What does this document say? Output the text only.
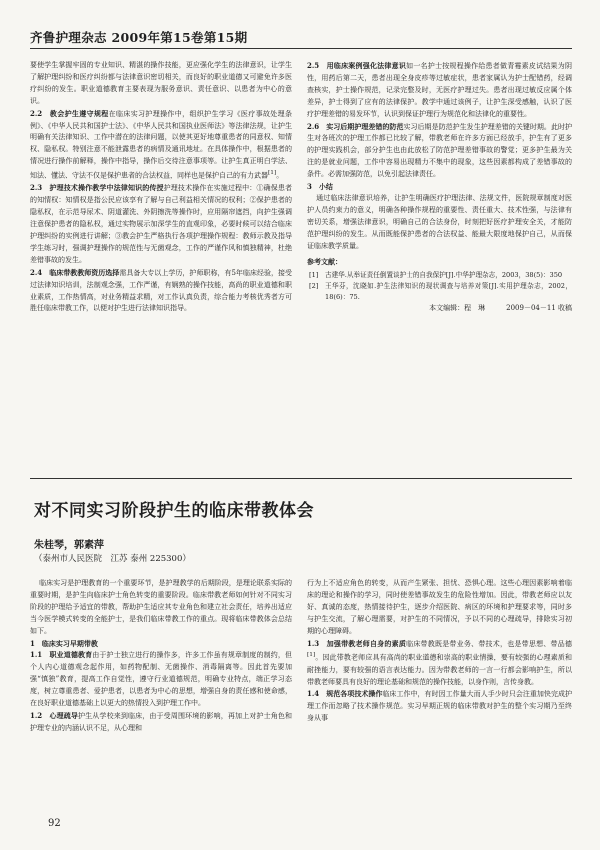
齐鲁护理杂志 2009年第15卷第15期

要使学生掌握牢固的专业知识、精湛的操作技能，更应强化学生的法律意识，让学生了解护理纠纷和医疗纠纷都与法律意识密切相关，而良好的职业道德又可避免许多医疗纠纷的发生。职业道德教育主要表现为服务意识、责任意识、以患者为中心的意识。

2.2　教会护生遵守规程在临床实习护理操作中，组织护生学习《医疗事故处理条例》、《中华人民共和国护士法》、《中华人民共和国执业医师法》等法律法规，让护生明确有关法律知识、工作中潜在的法律问题，以使其更好地尊重患者的同意权、知情权、隐私权。特别注意不能泄露患者的病情及通讯地址。在具体操作中，根据患者的情况进行操作前解释，操作中指导，操作后交待注意事项等。让护生真正明白学法、知法、懂法、守法不仅是保护患者的合法权益，同样也是保护自己的有力武器[1]。

2.3　护理技术操作教学中法律知识的传授护理技术操作在实施过程中：①确保患者的知情权：知情权是指公民应该享有了解与自己利益相关情况的权利；②保护患者的隐私权，在示范导尿术、阴道灌洗、外阴擦洗等操作时，应用隔帘遮挡，向护生强调注意保护患者的隐私权，通过实物展示加深学生的直观印象，必要时候可以结合临床护理纠纷的实例进行讲解；③教会护生严格执行各项护理操作规程：教师示教及指导学生练习时，强调护理操作的规范性与无菌观念，工作的严谨作风和慎独精神，杜绝差错事故的发生。

2.4　临床带教教师资历选择需具备大专以上学历，护师职称，有5年临床经验，接受过法律知识培训，法制观念强，工作严谨，有娴熟的操作技能，高尚的职业道德和职业素质，工作热情高，对业务精益求精，对工作认真负责，综合能力考核优秀者方可胜任临床带教工作，以便对护生进行法律知识指导。

2.5　用临床案例强化法律意识如一名护士按规程操作给患者做青霉素皮试结果为阴性，用药后第二天，患者出现全身皮疹等过敏症状，患者家属认为护士配错药，经调查核实，护士操作规范，记录完整及时，无医疗护理过失。患者出现过敏反应属个体差异，护士得到了应有的法律保护。教学中通过该例子，让护生深受感触，认识了医疗护理差错的易发环节，认识到保证护理行为规范化和法律化的重要性。

2.6　实习后期护理差错的防范实习后期是防范护生发生护理差错的关键时期。此时护生对各班次的护理工作都已比较了解，带教老师在许多方面已经放手，护生有了更多的护理实践机会，部分护生也由此放松了防范护理差错事故的警觉；更多护生最为关注的是就业问题，工作中容易出现精力不集中的现象，这些因素都构成了差错事故的条件。必需加强防范，以免引起法律责任。

3　小结

通过临床法律意识培养，让护生明确医疗护理法律、法规文件，医院规章制度对医护人员约束力的意义，明确各种操作规程的重要性、责任重大、技术性强，与法律有密切关系，增强法律意识，明确自己的合法身份，时刻把好医疗护理安全关，才能防范护理纠纷的发生。从而既能保护患者的合法权益、能最大限度地保护自己，从而保证临床教学质量。

参考文献：

[1] 古建华.从举证责任倒置谈护士的自我保护[J].中华护理杂志，2003，38(5)：350

[2] 王华芬，沈晓如.护生法律知识的现状调查与培养对策[J].实用护理杂志，2002，18(6)：75.

本文编辑：程　琳　　　2009－04－11 收稿

对不同实习阶段护生的临床带教体会
朱桂琴，郭素萍
（泰州市人民医院　江苏 泰州 225300）

临床实习是护理教育的一个重要环节，是护理教学的后期阶段，是理论联系实际的重要时期，是护生向临床护士角色转变的重要阶段。临床带教老师如何针对不同实习阶段的护理给予适宜的带教，帮助护生适应其专业角色和建立社会责任，培养出适应当今医学模式转变的全能护士，是我们临床带教工作的重点。现将临床带教体会总结如下。

1　临床实习早期带教

1.1　职业道德教育由于护士独立进行的操作多，许多工作虽有规章制度的制约，但个人内心道德观念起作用，如药物配制、无菌操作、消毒隔离等。因此首先要加强“慎独”教育，提高工作自觉性，遵守行业道德规范，明确专业特点，端正学习态度，树立尊重患者、爱护患者，以患者为中心的思想，增强自身的责任感和使命感，在良好职业道德基础上以更大的热情投入到护理工作中。

1.2　心理疏导护生从学校来到临床，由于受周围环境的影响，再加上对护士角色和护理专业的内涵认识不足，从心理和

行为上不适应角色的转变，从而产生紧张、担忧、恐惧心理。这些心理因素影响着临床的理论和操作的学习，同时使差错事故发生的危险性增加。因此，带教老师应以友好、真诚的态度，热情接待护生，逐步介绍医院、病区的环境和护理要求等，同时多与护生交流，了解心理需要，对护生的不同情况，予以不同的心理疏导，排除实习初期的心理障碍。

1.3　加强带教老师自身的素质临床带教既是带业务、带技术，也是带思想、带品德[1]。因此带教老师应具有高尚的职业道德和崇高的职业情操，要有较强的心理素质和耐挫能力，要有较强的语言表达能力。因为带教老师的一言一行都会影响护生，所以带教老师要具有良好的理论基础和规范的操作技能，以身作则，言传身教。

1.4　规范各项技术操作临床工作中，有时因工作量大而人手少时只会注重加快完成护理工作而忽略了技术操作规范。实习早期正规的临床带教对护生的整个实习期乃至终身从事

92
